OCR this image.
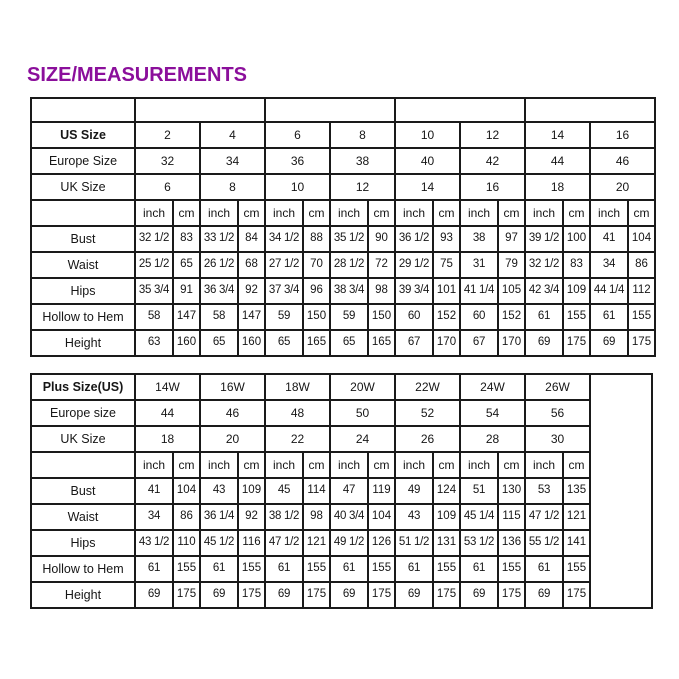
SIZE/MEASUREMENTS

US Size	2		4		6		8		10		12		14		16	
Europe Size	32		34		36		38		40		42		44		46	
UK Size	6		8		10		12		14		16		18		20	
	inch	cm	inch	cm	inch	cm	inch	cm	inch	cm	inch	cm	inch	cm	inch	cm
Bust	32 1/2	83	33 1/2	84	34 1/2	88	35 1/2	90	36 1/2	93	38	97	39 1/2	100	41	104
Waist	25 1/2	65	26 1/2	68	27 1/2	70	28 1/2	72	29 1/2	75	31	79	32 1/2	83	34	86
Hips	35 3/4	91	36 3/4	92	37 3/4	96	38 3/4	98	39 3/4	101	41 1/4	105	42 3/4	109	44 1/4	112
Hollow to Hem	58	147	58	147	59	150	59	150	60	152	60	152	61	155	61	155
Height	63	160	65	160	65	165	65	165	67	170	67	170	69	175	69	175
Plus Size(US)	14W		16W		18W		20W		22W		24W		26W		
Europe size	44		46		48		50		52		54		56		
UK Size	18		20		22		24		26		28		30		
	inch	cm	inch	cm	inch	cm	inch	cm	inch	cm	inch	cm	inch	cm	
Bust	41	104	43	109	45	114	47	119	49	124	51	130	53	135	
Waist	34	86	36 1/4	92	38 1/2	98	40 3/4	104	43	109	45 1/4	115	47 1/2	121	
Hips	43 1/2	110	45 1/2	116	47 1/2	121	49 1/2	126	51 1/2	131	53 1/2	136	55 1/2	141	
Hollow to Hem	61	155	61	155	61	155	61	155	61	155	61	155	61	155	
Height	69	175	69	175	69	175	69	175	69	175	69	175	69	175	
